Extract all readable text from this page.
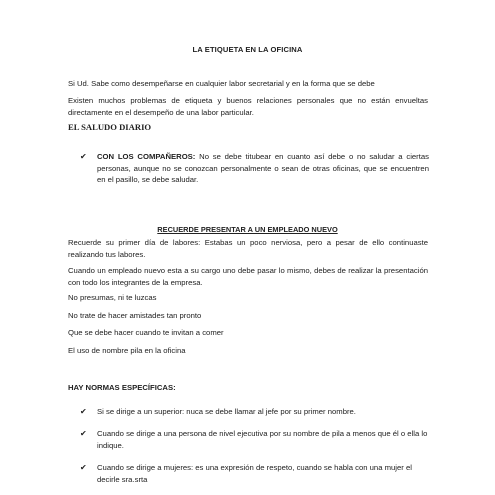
LA ETIQUETA EN LA OFICINA
Si Ud. Sabe como desempeñarse en cualquier labor secretarial y en la forma que se debe
Existen muchos problemas de etiqueta y buenos relaciones personales que no están envueltas directamente en el desempeño de una labor particular.
EL SALUDO DIARIO
✔ CON LOS COMPAÑEROS: No se debe titubear en cuanto así debe o no saludar a ciertas personas, aunque no se conozcan personalmente o sean de otras oficinas, que se encuentren en el pasillo, se debe saludar.
RECUERDE PRESENTAR A UN EMPLEADO NUEVO
Recuerde su primer día de labores: Estabas un poco nerviosa, pero a pesar de ello continuaste realizando tus labores.
Cuando un empleado nuevo esta a su cargo uno debe pasar lo mismo, debes de realizar la presentación con todo los integrantes de la empresa.
No presumas, ni te luzcas
No trate de hacer amistades tan pronto
Que se debe hacer cuando te invitan a comer
El uso de nombre pila en la oficina
HAY NORMAS ESPECÍFICAS:
✔ Si se dirige a un superior: nuca se debe llamar al jefe por su primer nombre.
✔ Cuando se dirige a una persona de nivel ejecutiva por su nombre de pila a menos que él o ella lo indique.
✔ Cuando se dirige a mujeres: es una expresión de respeto, cuando se habla con una mujer el decirle sra.srta
